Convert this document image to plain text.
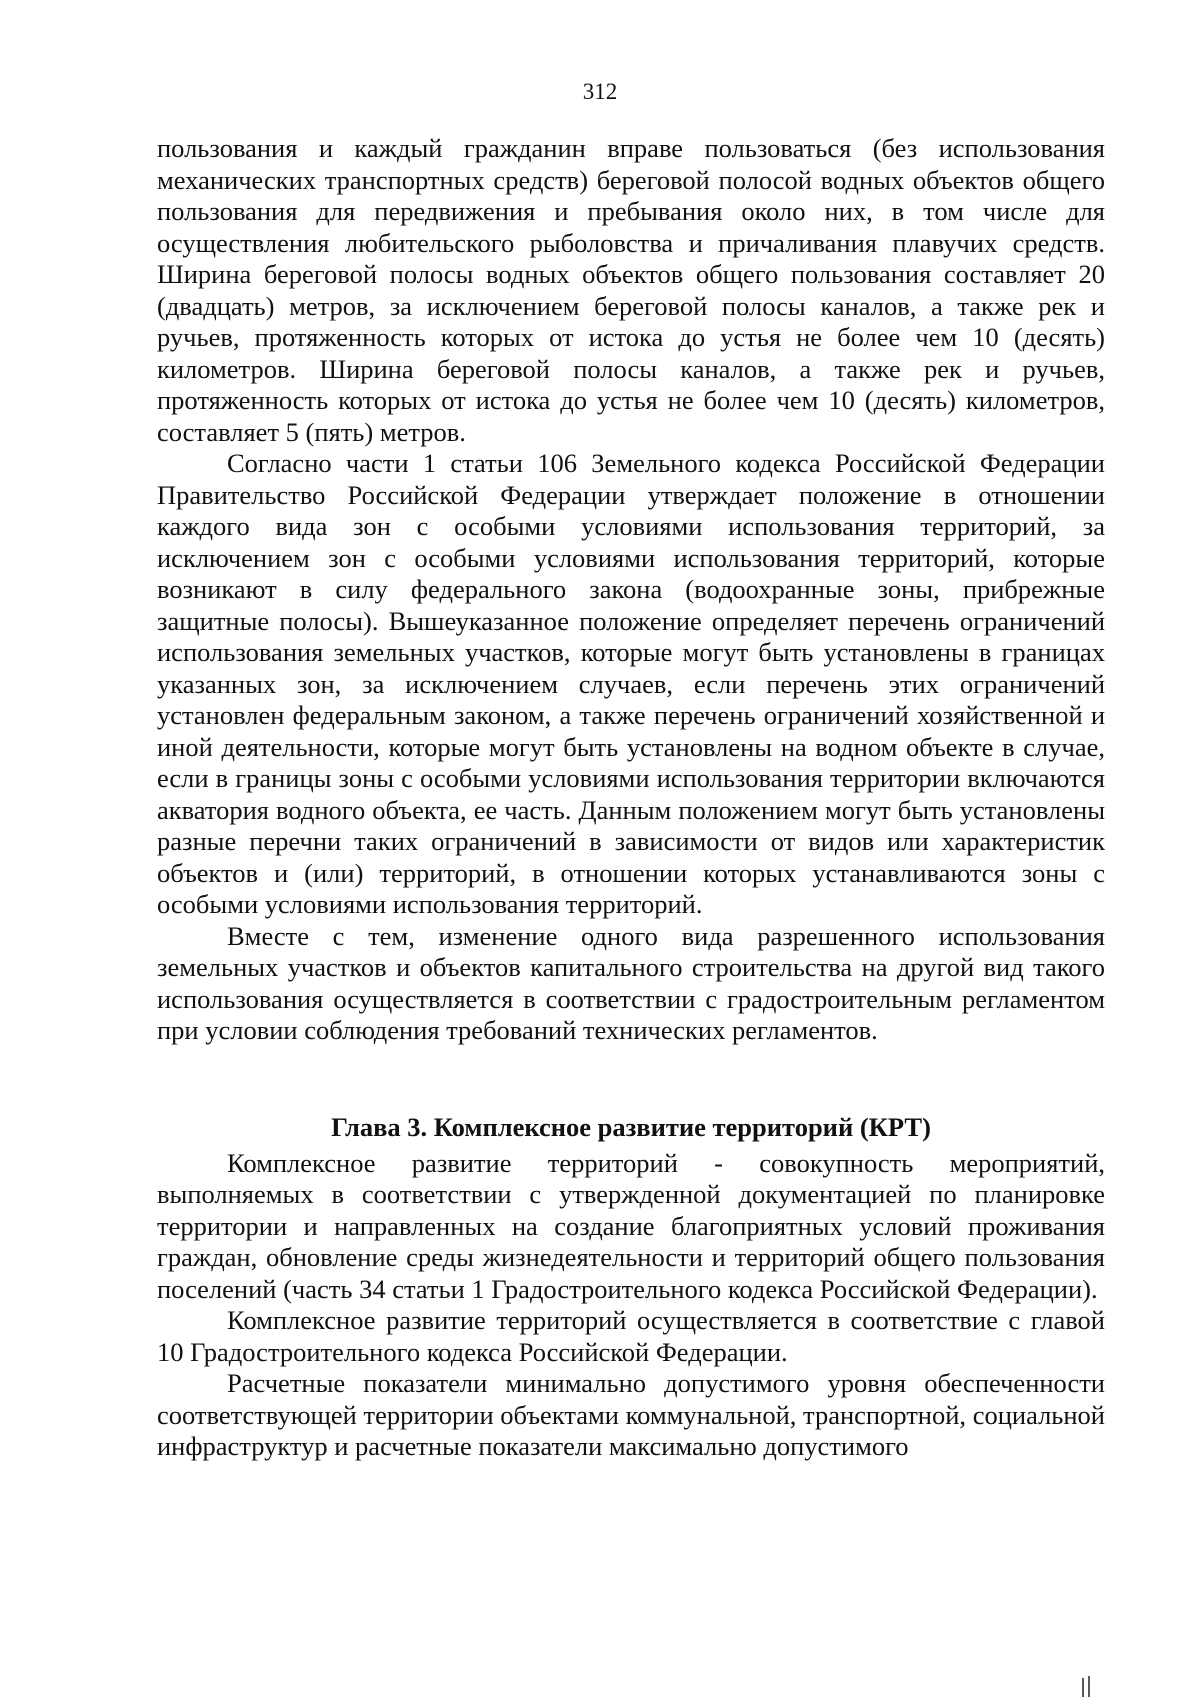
312

пользования и каждый гражданин вправе пользоваться (без использования механических транспортных средств) береговой полосой водных объектов общего пользования для передвижения и пребывания около них, в том числе для осуществления любительского рыболовства и причаливания плавучих средств. Ширина береговой полосы водных объектов общего пользования составляет 20 (двадцать) метров, за исключением береговой полосы каналов, а также рек и ручьев, протяженность которых от истока до устья не более чем 10 (десять) километров. Ширина береговой полосы каналов, а также рек и ручьев, протяженность которых от истока до устья не более чем 10 (десять) километров, составляет 5 (пять) метров.

Согласно части 1 статьи 106 Земельного кодекса Российской Федерации Правительство Российской Федерации утверждает положение в отношении каждого вида зон с особыми условиями использования территорий, за исключением зон с особыми условиями использования территорий, которые возникают в силу федерального закона (водоохранные зоны, прибрежные защитные полосы). Вышеуказанное положение определяет перечень ограничений использования земельных участков, которые могут быть установлены в границах указанных зон, за исключением случаев, если перечень этих ограничений установлен федеральным законом, а также перечень ограничений хозяйственной и иной деятельности, которые могут быть установлены на водном объекте в случае, если в границы зоны с особыми условиями использования территории включаются акватория водного объекта, ее часть. Данным положением могут быть установлены разные перечни таких ограничений в зависимости от видов или характеристик объектов и (или) территорий, в отношении которых устанавливаются зоны с особыми условиями использования территорий.

Вместе с тем, изменение одного вида разрешенного использования земельных участков и объектов капитального строительства на другой вид такого использования осуществляется в соответствии с градостроительным регламентом при условии соблюдения требований технических регламентов.

Глава 3. Комплексное развитие территорий (КРТ)

Комплексное развитие территорий - совокупность мероприятий, выполняемых в соответствии с утвержденной документацией по планировке территории и направленных на создание благоприятных условий проживания граждан, обновление среды жизнедеятельности и территорий общего пользования поселений (часть 34 статьи 1 Градостроительного кодекса Российской Федерации).

Комплексное развитие территорий осуществляется в соответствие с главой 10 Градостроительного кодекса Российской Федерации.

Расчетные показатели минимально допустимого уровня обеспеченности соответствующей территории объектами коммунальной, транспортной, социальной инфраструктур и расчетные показатели максимально допустимого
